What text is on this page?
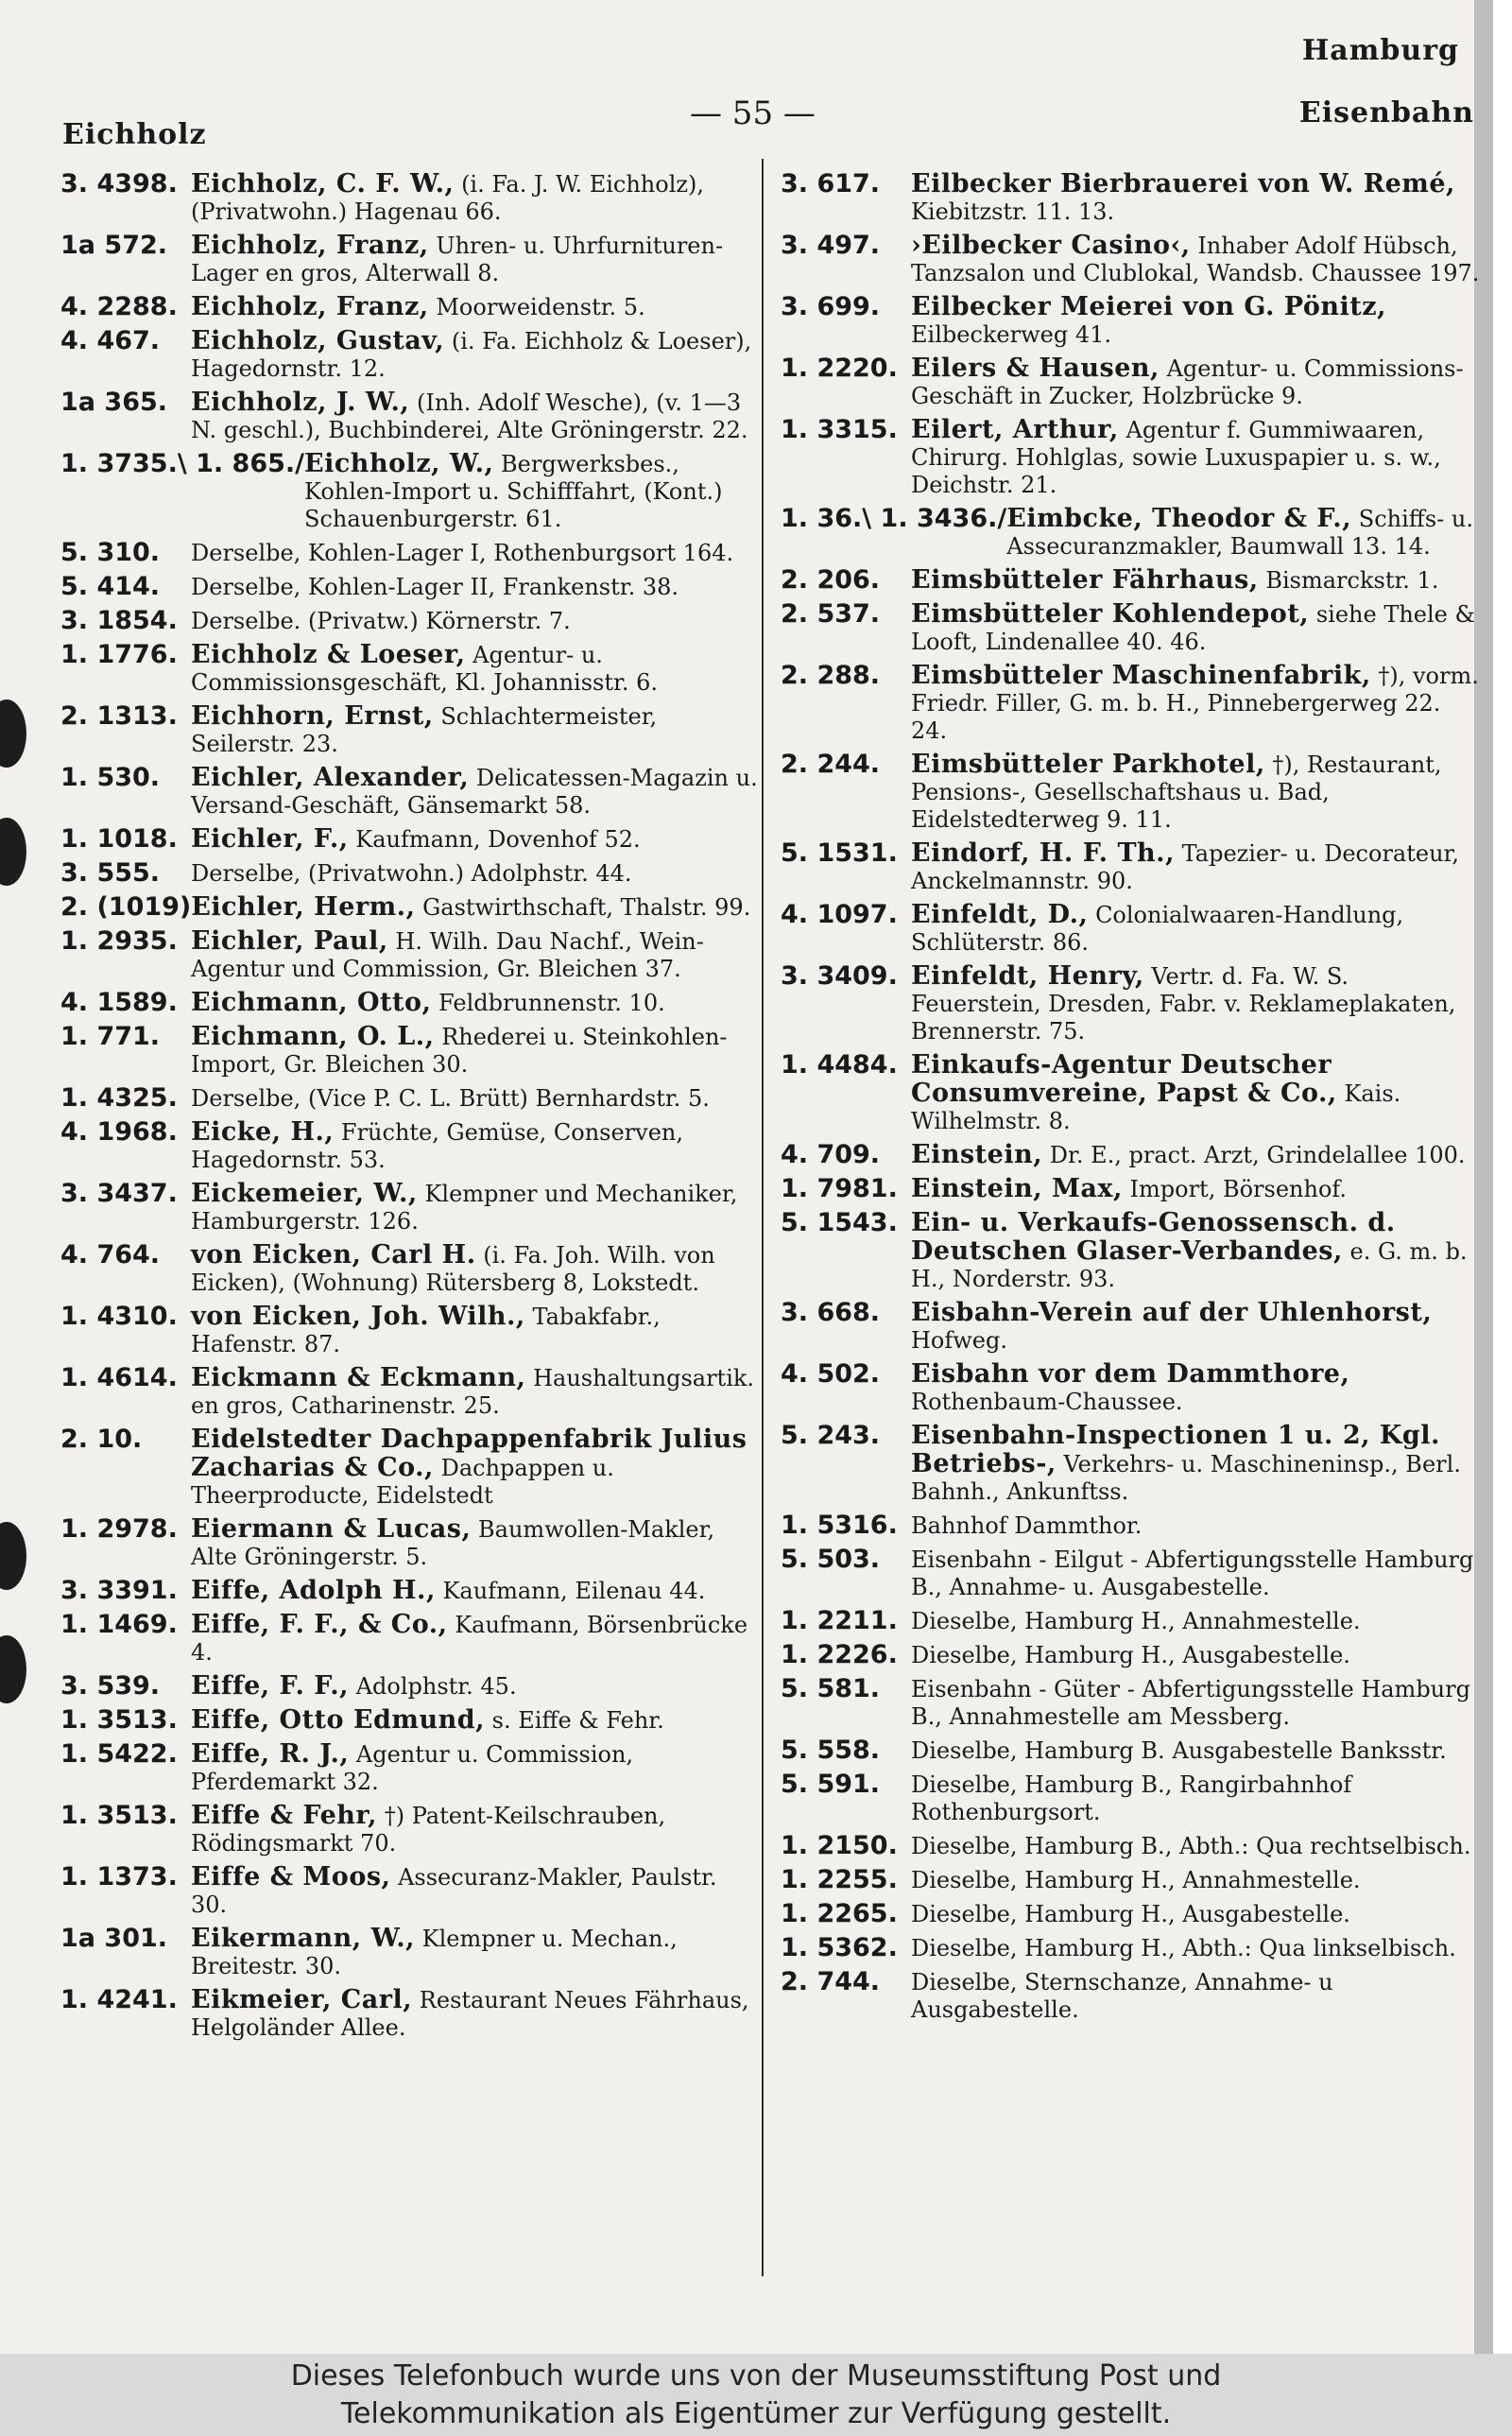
Eichholz
— 55 —
Hamburg
Eisenbahn
3. 4398. Eichholz, C. F. W., (i. Fa. J. W. Eichholz), (Privatwohn.) Hagenau 66.
1a 572. Eichholz, Franz, Uhren- u. Uhrfurnituren-Lager en gros, Alterwall 8.
4. 2288. Eichholz, Franz, Moorweidenstr. 5.
4. 467.	Eichholz, Gustav, (i. Fa. Eichholz & Loeser), Hagedornstr. 12.
1a 365. Eichholz, J. W., (Inh. Adolf Wesche), (v. 1—3 N. geschl.), Buchbinderei, Alte Gröningerstr. 22.
1. 3735.\ 1. 865./ Eichholz, W., Bergwerksbes., Kohlen-Import u. Schifffahrt, (Kont.) Schauenburgerstr. 61.
5. 310.	Derselbe, Kohlen-Lager I, Rothenburgsort 164.
5. 414.	Derselbe, Kohlen-Lager II, Frankenstr. 38.
3. 1854. Derselbe. (Privatw.) Körnerstr. 7.
1. 1776. Eichholz & Loeser, Agentur- u. Commissionsgeschäft, Kl. Johannisstr. 6.
2. 1313. Eichhorn, Ernst, Schlachtermeister, Seilerstr. 23.
1. 530.	Eichler, Alexander, Delicatessen-Magazin u. Versand-Geschäft, Gänsemarkt 58.
1. 1018. Eichler, F., Kaufmann, Dovenhof 52.
3. 555.	Derselbe, (Privatwohn.) Adolphstr. 44.
2. (1019) Eichler, Herm., Gastwirthschaft, Thalstr. 99.
1. 2935. Eichler, Paul, H. Wilh. Dau Nachf., Wein-Agentur und Commission, Gr. Bleichen 37.
4. 1589. Eichmann, Otto, Feldbrunnenstr. 10.
1. 771.	Eichmann, O. L., Rhederei u. Steinkohlen-Import, Gr. Bleichen 30.
1. 4325. Derselbe, (Vice P. C. L. Brütt) Bernhardstr. 5.
4. 1968. Eicke, H., Früchte, Gemüse, Conserven, Hagedornstr. 53.
3. 3437. Eickemeier, W., Klempner und Mechaniker, Hamburgerstr. 126.
4. 764.	von Eicken, Carl H. (i. Fa. Joh. Wilh. von Eicken), (Wohnung) Rütersberg 8, Lokstedt.
1. 4310. von Eicken, Joh. Wilh., Tabakfabr., Hafenstr. 87.
1. 4614. Eickmann & Eckmann, Haushaltungsartik. en gros, Catharinenstr. 25.
2. 10.	Eidelstedter Dachpappenfabrik Julius Zacharias & Co., Dachpappen u. Theerproducte, Eidelstedt
1. 2978. Eiermann & Lucas, Baumwollen-Makler, Alte Gröningerstr. 5.
3. 3391. Eiffe, Adolph H., Kaufmann, Eilenau 44.
1. 1469. Eiffe, F. F., & Co., Kaufmann, Börsenbrücke 4.
3. 539.	Eiffe, F. F., Adolphstr. 45.
1. 3513. Eiffe, Otto Edmund, s. Eiffe & Fehr.
1. 5422. Eiffe, R. J., Agentur u. Commission, Pferdemarkt 32.
1. 3513. Eiffe & Fehr, †) Patent-Keilschrauben, Rödingsmarkt 70.
1. 1373. Eiffe & Moos, Assecuranz-Makler, Paulstr. 30.
1a 301. Eikermann, W., Klempner u. Mechan., Breitestr. 30.
1. 4241. Eikmeier, Carl, Restaurant Neues Fährhaus, Helgoländer Allee.
3. 617.	Eilbecker Bierbrauerei von W. Remé, Kiebitzstr. 11. 13.
3. 497.	›Eilbecker Casino‹, Inhaber Adolf Hübsch, Tanzsalon und Clublokal, Wandsb. Chaussee 197.
3. 699.	Eilbecker Meierei von G. Pönitz, Eilbeckerweg 41.
1. 2220. Eilers & Hausen, Agentur- u. Commissions-Geschäft in Zucker, Holzbrücke 9.
1. 3315. Eilert, Arthur, Agentur f. Gummiwaaren, Chirurg. Hohlglas, sowie Luxuspapier u. s. w., Deichstr. 21.
1. 36.\ 1. 3436./ Eimbcke, Theodor & F., Schiffs- u. Assecuranzmakler, Baumwall 13. 14.
2. 206.	Eimsbütteler Fährhaus, Bismarckstr. 1.
2. 537.	Eimsbütteler Kohlendepot, siehe Thele & Looft, Lindenallee 40. 46.
2. 288.	Eimsbütteler Maschinenfabrik, †), vorm. Friedr. Filler, G. m. b. H., Pinnebergerweg 22. 24.
2. 244.	Eimsbütteler Parkhotel, †), Restaurant, Pensions-, Gesellschaftshaus u. Bad, Eidelstedterweg 9. 11.
5. 1531. Eindorf, H. F. Th., Tapezier- u. Decorateur, Anckelmannstr. 90.
4. 1097. Einfeldt, D., Colonialwaaren-Handlung, Schlüterstr. 86.
3. 3409. Einfeldt, Henry, Vertr. d. Fa. W. S. Feuerstein, Dresden, Fabr. v. Reklameplakaten, Brennerstr. 75.
1. 4484. Einkaufs-Agentur Deutscher Consumvereine, Papst & Co., Kais. Wilhelmstr. 8.
4. 709.	Einstein, Dr. E., pract. Arzt, Grindelallee 100.
1. 7981. Einstein, Max, Import, Börsenhof.
5. 1543. Ein- u. Verkaufs-Genossensch. d. Deutschen Glaser-Verbandes, e. G. m. b. H., Norderstr. 93.
3. 668.	Eisbahn-Verein auf der Uhlenhorst, Hofweg.
4. 502.	Eisbahn vor dem Dammthore, Rothenbaum-Chaussee.
5. 243.	Eisenbahn-Inspectionen 1 u. 2, Kgl. Betriebs-, Verkehrs- u. Maschineninsp., Berl. Bahnh., Ankunftss.
1. 5316. Bahnhof Dammthor.
5. 503.	Eisenbahn - Eilgut - Abfertigungsstelle Hamburg B., Annahme- u. Ausgabestelle.
1. 2211. Dieselbe, Hamburg H., Annahmestelle.
1. 2226. Dieselbe, Hamburg H., Ausgabestelle.
5. 581.	Eisenbahn - Güter - Abfertigungsstelle Hamburg B., Annahmestelle am Messberg.
5. 558.	Dieselbe, Hamburg B. Ausgabestelle Banksstr.
5. 591.	Dieselbe, Hamburg B., Rangirbahnhof Rothenburgsort.
1. 2150. Dieselbe, Hamburg B., Abth.: Qua rechtselbisch.
1. 2255. Dieselbe, Hamburg H., Annahmestelle.
1. 2265. Dieselbe, Hamburg H., Ausgabestelle.
1. 5362. Dieselbe, Hamburg H., Abth.: Qua linkselbisch.
2. 744.	Dieselbe, Sternschanze, Annahme- u Ausgabestelle.
Dieses Telefonbuch wurde uns von der Museumsstiftung Post und
Telekommunikation als Eigentümer zur Verfügung gestellt.
